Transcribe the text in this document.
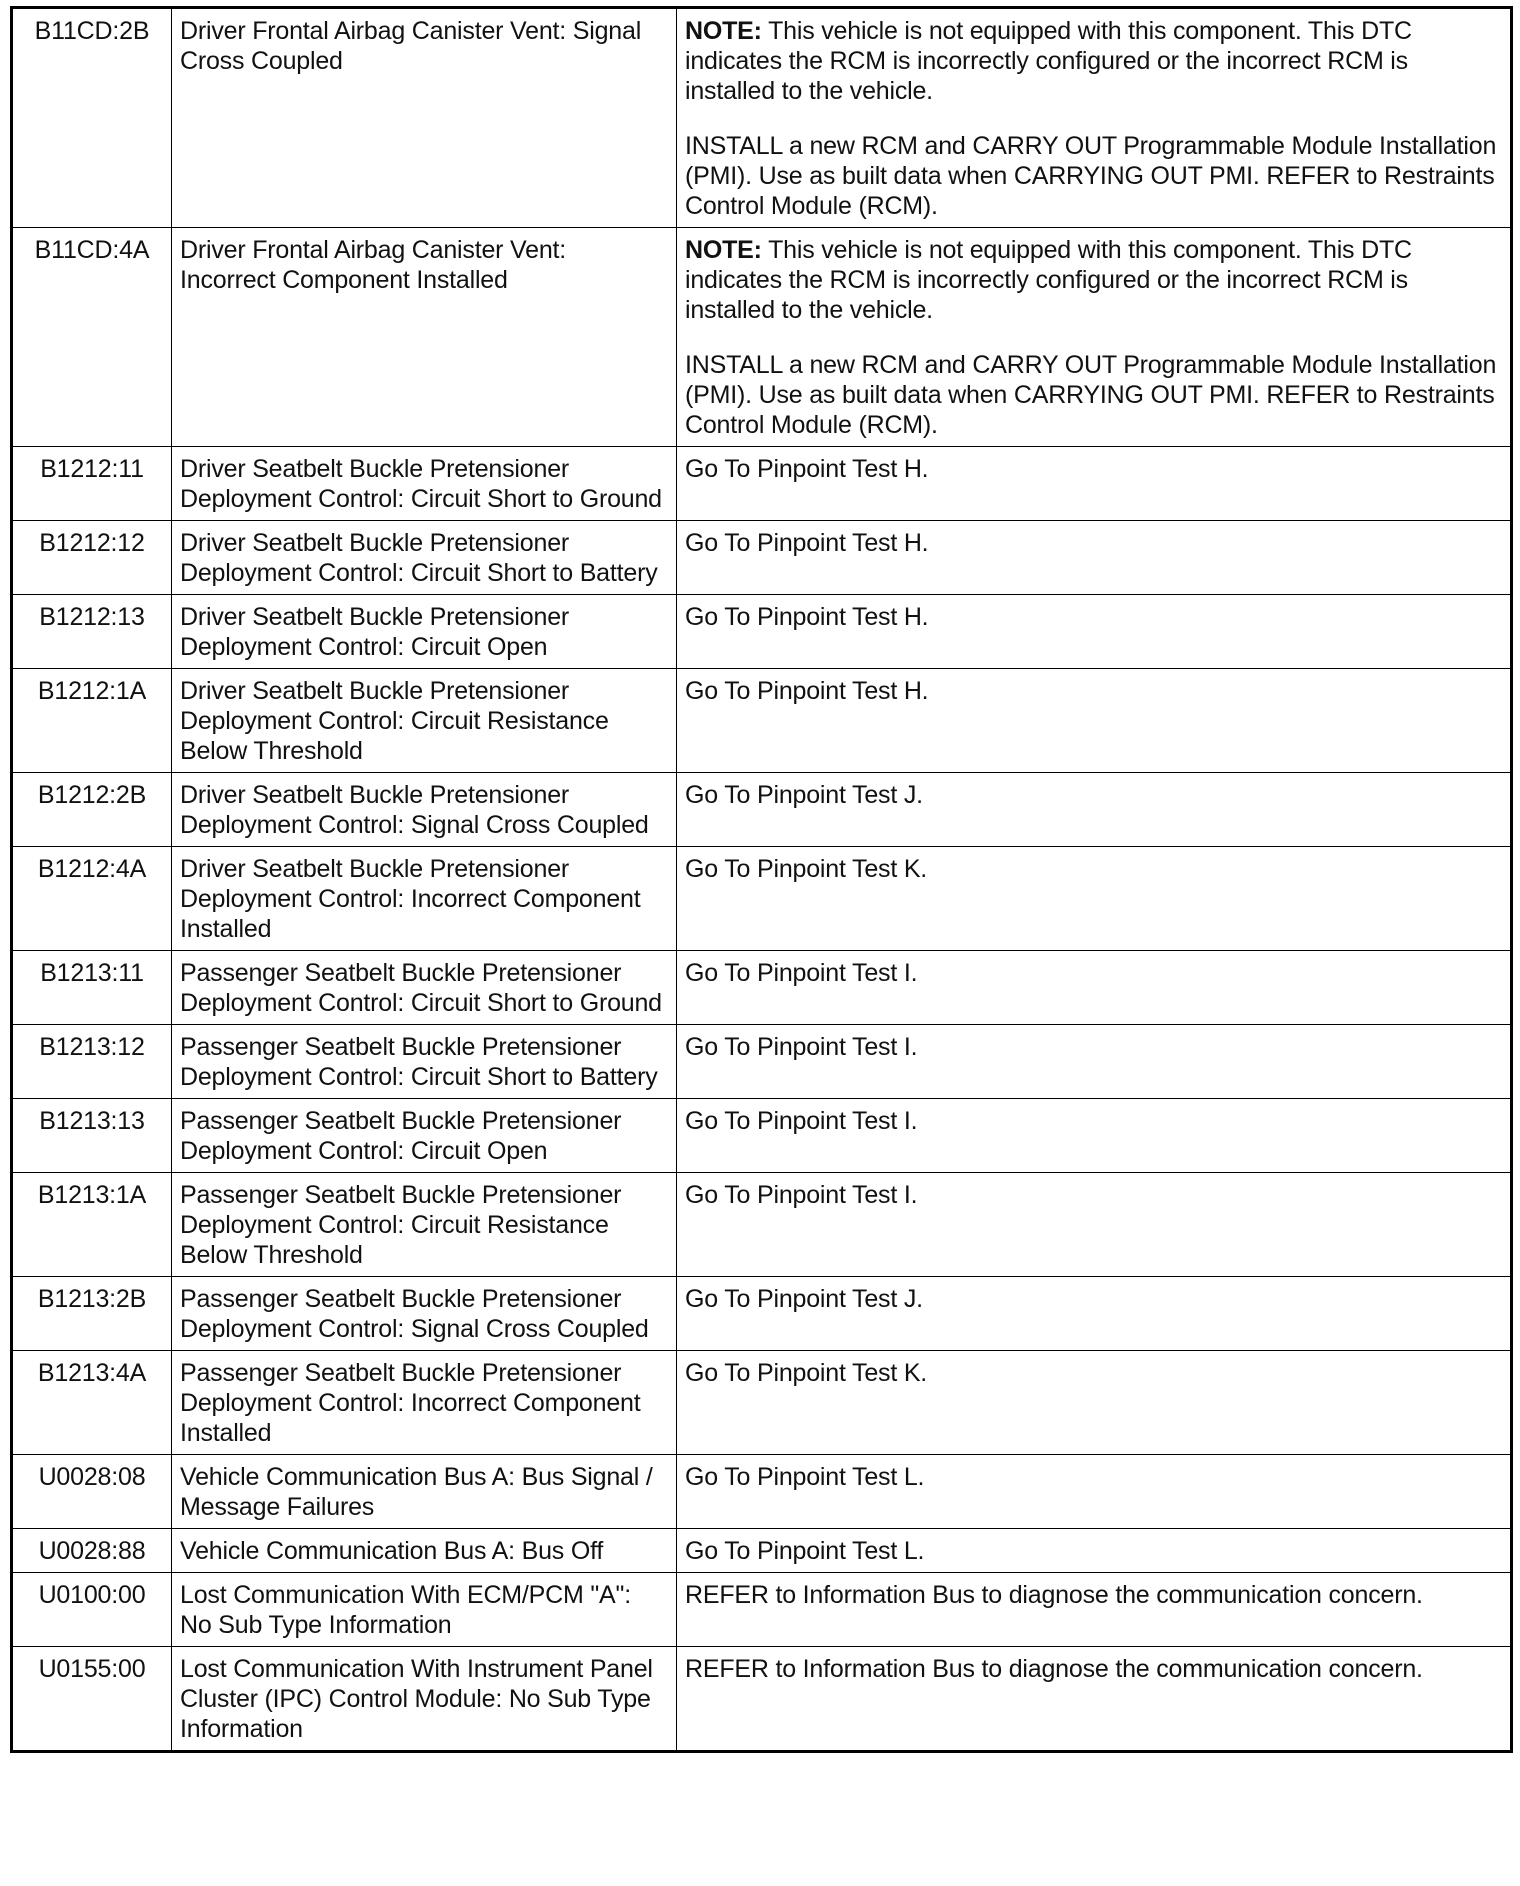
B11CD:2B	Driver Frontal Airbag Canister Vent: Signal Cross Coupled	NOTE: This vehicle is not equipped with this component. This DTC indicates the RCM is incorrectly configured or the incorrect RCM is installed to the vehicle.

INSTALL a new RCM and CARRY OUT Programmable Module Installation (PMI). Use as built data when CARRYING OUT PMI. REFER to Restraints Control Module (RCM).

B11CD:4A	Driver Frontal Airbag Canister Vent: Incorrect Component Installed	NOTE: This vehicle is not equipped with this component. This DTC indicates the RCM is incorrectly configured or the incorrect RCM is installed to the vehicle.

INSTALL a new RCM and CARRY OUT Programmable Module Installation (PMI). Use as built data when CARRYING OUT PMI. REFER to Restraints Control Module (RCM).

B1212:11	Driver Seatbelt Buckle Pretensioner Deployment Control: Circuit Short to Ground	Go To Pinpoint Test H.
B1212:12	Driver Seatbelt Buckle Pretensioner Deployment Control: Circuit Short to Battery	Go To Pinpoint Test H.
B1212:13	Driver Seatbelt Buckle Pretensioner Deployment Control: Circuit Open	Go To Pinpoint Test H.
B1212:1A	Driver Seatbelt Buckle Pretensioner Deployment Control: Circuit Resistance Below Threshold	Go To Pinpoint Test H.
B1212:2B	Driver Seatbelt Buckle Pretensioner Deployment Control: Signal Cross Coupled	Go To Pinpoint Test J.
B1212:4A	Driver Seatbelt Buckle Pretensioner Deployment Control: Incorrect Component Installed	Go To Pinpoint Test K.
B1213:11	Passenger Seatbelt Buckle Pretensioner Deployment Control: Circuit Short to Ground	Go To Pinpoint Test I.
B1213:12	Passenger Seatbelt Buckle Pretensioner Deployment Control: Circuit Short to Battery	Go To Pinpoint Test I.
B1213:13	Passenger Seatbelt Buckle Pretensioner Deployment Control: Circuit Open	Go To Pinpoint Test I.
B1213:1A	Passenger Seatbelt Buckle Pretensioner Deployment Control: Circuit Resistance Below Threshold	Go To Pinpoint Test I.
B1213:2B	Passenger Seatbelt Buckle Pretensioner Deployment Control: Signal Cross Coupled	Go To Pinpoint Test J.
B1213:4A	Passenger Seatbelt Buckle Pretensioner Deployment Control: Incorrect Component Installed	Go To Pinpoint Test K.
U0028:08	Vehicle Communication Bus A: Bus Signal / Message Failures	Go To Pinpoint Test L.
U0028:88	Vehicle Communication Bus A: Bus Off	Go To Pinpoint Test L.
U0100:00	Lost Communication With ECM/PCM "A": No Sub Type Information	REFER to Information Bus to diagnose the communication concern.
U0155:00	Lost Communication With Instrument Panel Cluster (IPC) Control Module: No Sub Type Information	REFER to Information Bus to diagnose the communication concern.
